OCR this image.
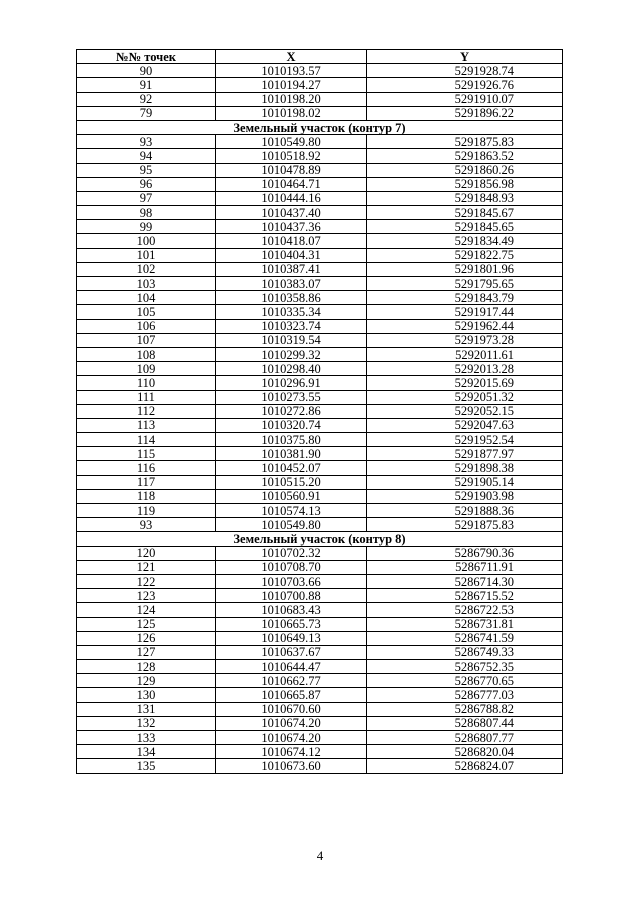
№№ точек	X	Y
90	1010193.57	5291928.74
91	1010194.27	5291926.76
92	1010198.20	5291910.07
79	1010198.02	5291896.22
Земельный участок (контур 7)		
93	1010549.80	5291875.83
94	1010518.92	5291863.52
95	1010478.89	5291860.26
96	1010464.71	5291856.98
97	1010444.16	5291848.93
98	1010437.40	5291845.67
99	1010437.36	5291845.65
100	1010418.07	5291834.49
101	1010404.31	5291822.75
102	1010387.41	5291801.96
103	1010383.07	5291795.65
104	1010358.86	5291843.79
105	1010335.34	5291917.44
106	1010323.74	5291962.44
107	1010319.54	5291973.28
108	1010299.32	5292011.61
109	1010298.40	5292013.28
110	1010296.91	5292015.69
111	1010273.55	5292051.32
112	1010272.86	5292052.15
113	1010320.74	5292047.63
114	1010375.80	5291952.54
115	1010381.90	5291877.97
116	1010452.07	5291898.38
117	1010515.20	5291905.14
118	1010560.91	5291903.98
119	1010574.13	5291888.36
93	1010549.80	5291875.83
Земельный участок (контур 8)		
120	1010702.32	5286790.36
121	1010708.70	5286711.91
122	1010703.66	5286714.30
123	1010700.88	5286715.52
124	1010683.43	5286722.53
125	1010665.73	5286731.81
126	1010649.13	5286741.59
127	1010637.67	5286749.33
128	1010644.47	5286752.35
129	1010662.77	5286770.65
130	1010665.87	5286777.03
131	1010670.60	5286788.82
132	1010674.20	5286807.44
133	1010674.20	5286807.77
134	1010674.12	5286820.04
135	1010673.60	5286824.07
4
